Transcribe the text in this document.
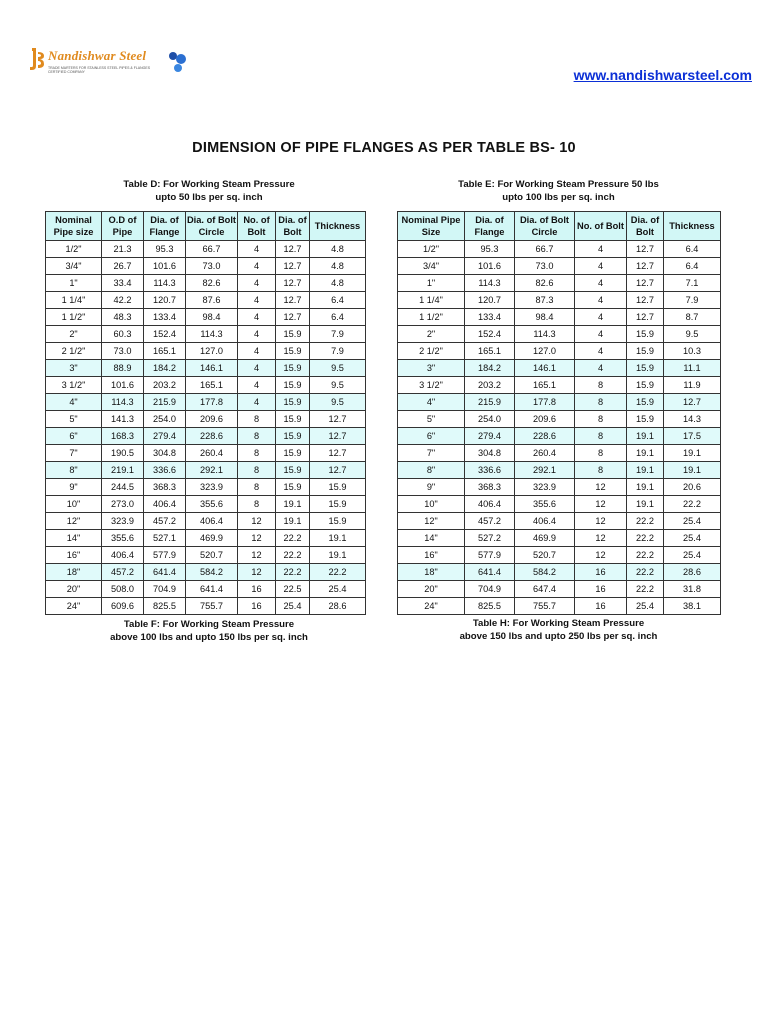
Nandishwar Steel
TRADE MARTERS FOR STAINLESS STEEL PIPES & FLANGES CERTIFIED COMPANY	www.nandishwarsteel.com
DIMENSION OF PIPE FLANGES AS PER TABLE BS- 10
Table D: For Working Steam Pressure
upto 50 lbs per sq. inch
Table E: For Working Steam Pressure 50 lbs
upto 100 lbs per sq. inch
Nominal Pipe size	O.D of Pipe	Dia. of Flange	Dia. of Bolt Circle	No. of Bolt	Dia. of Bolt	Thickness
1/2"	21.3	95.3	66.7	4	12.7	4.8
3/4"	26.7	101.6	73.0	4	12.7	4.8
1"	33.4	114.3	82.6	4	12.7	4.8
1 1/4"	42.2	120.7	87.6	4	12.7	6.4
1 1/2"	48.3	133.4	98.4	4	12.7	6.4
2"	60.3	152.4	114.3	4	15.9	7.9
2 1/2"	73.0	165.1	127.0	4	15.9	7.9
3"	88.9	184.2	146.1	4	15.9	9.5
3 1/2"	101.6	203.2	165.1	4	15.9	9.5
4"	114.3	215.9	177.8	4	15.9	9.5
5"	141.3	254.0	209.6	8	15.9	12.7
6"	168.3	279.4	228.6	8	15.9	12.7
7"	190.5	304.8	260.4	8	15.9	12.7
8"	219.1	336.6	292.1	8	15.9	12.7
9"	244.5	368.3	323.9	8	15.9	15.9
10"	273.0	406.4	355.6	8	19.1	15.9
12"	323.9	457.2	406.4	12	19.1	15.9
14"	355.6	527.1	469.9	12	22.2	19.1
16"	406.4	577.9	520.7	12	22.2	19.1
18"	457.2	641.4	584.2	12	22.2	22.2
20"	508.0	704.9	641.4	16	22.5	25.4
24"	609.6	825.5	755.7	16	25.4	28.6
Nominal Pipe Size	Dia. of Flange	Dia. of Bolt Circle	No. of Bolt	Dia. of Bolt	Thickness
1/2"	95.3	66.7	4	12.7	6.4
3/4"	101.6	73.0	4	12.7	6.4
1"	114.3	82.6	4	12.7	7.1
1 1/4"	120.7	87.3	4	12.7	7.9
1 1/2"	133.4	98.4	4	12.7	8.7
2"	152.4	114.3	4	15.9	9.5
2 1/2"	165.1	127.0	4	15.9	10.3
3"	184.2	146.1	4	15.9	11.1
3 1/2"	203.2	165.1	8	15.9	11.9
4"	215.9	177.8	8	15.9	12.7
5"	254.0	209.6	8	15.9	14.3
6"	279.4	228.6	8	19.1	17.5
7"	304.8	260.4	8	19.1	19.1
8"	336.6	292.1	8	19.1	19.1
9"	368.3	323.9	12	19.1	20.6
10"	406.4	355.6	12	19.1	22.2
12"	457.2	406.4	12	22.2	25.4
14"	527.2	469.9	12	22.2	25.4
16"	577.9	520.7	12	22.2	25.4
18"	641.4	584.2	16	22.2	28.6
20"	704.9	647.4	16	22.2	31.8
24"	825.5	755.7	16	25.4	38.1
Table F: For Working Steam Pressure
above 100 lbs and upto 150 lbs per sq. inch
Table H: For Working Steam Pressure
above 150 lbs and upto 250 lbs per sq. inch
